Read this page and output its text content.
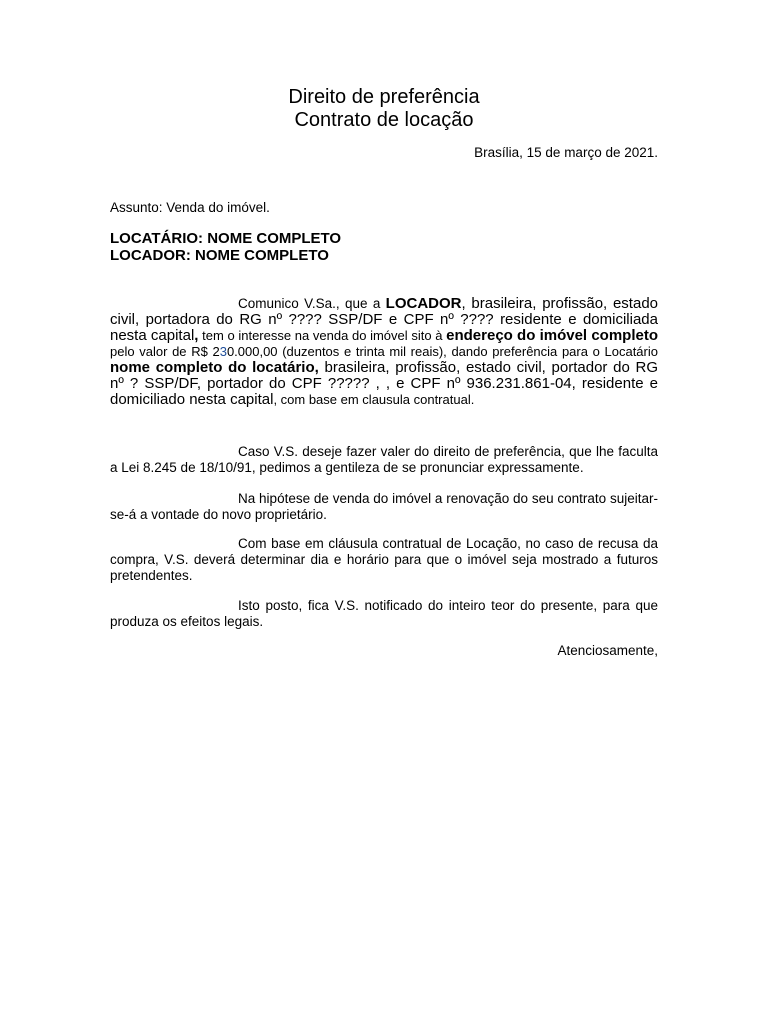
Direito de preferência
Contrato de locação
Brasília, 15 de março de 2021.
Assunto: Venda do imóvel.
LOCATÁRIO: NOME COMPLETO
LOCADOR: NOME COMPLETO
Comunico V.Sa., que a LOCADOR, brasileira, profissão, estado civil, portadora do RG nº ???? SSP/DF e CPF nº ???? residente e domiciliada nesta capital, tem o interesse na venda do imóvel sito à endereço do imóvel completo pelo valor de R$ 230.000,00 (duzentos e trinta mil reais), dando preferência para o Locatário nome completo do locatário, brasileira, profissão, estado civil, portador do RG nº ? SSP/DF, portador do CPF ????? , , e CPF nº 936.231.861-04, residente e domiciliado nesta capital, com base em clausula contratual.
Caso V.S. deseje fazer valer do direito de preferência, que lhe faculta a Lei 8.245 de 18/10/91, pedimos a gentileza de se pronunciar expressamente.
Na hipótese de venda do imóvel a renovação do seu contrato sujeitar-se-á a vontade do novo proprietário.
Com base em cláusula contratual de Locação, no caso de recusa da compra, V.S. deverá determinar dia e horário para que o imóvel seja mostrado a futuros pretendentes.
Isto posto, fica V.S. notificado do inteiro teor do presente, para que produza os efeitos legais.
Atenciosamente,
